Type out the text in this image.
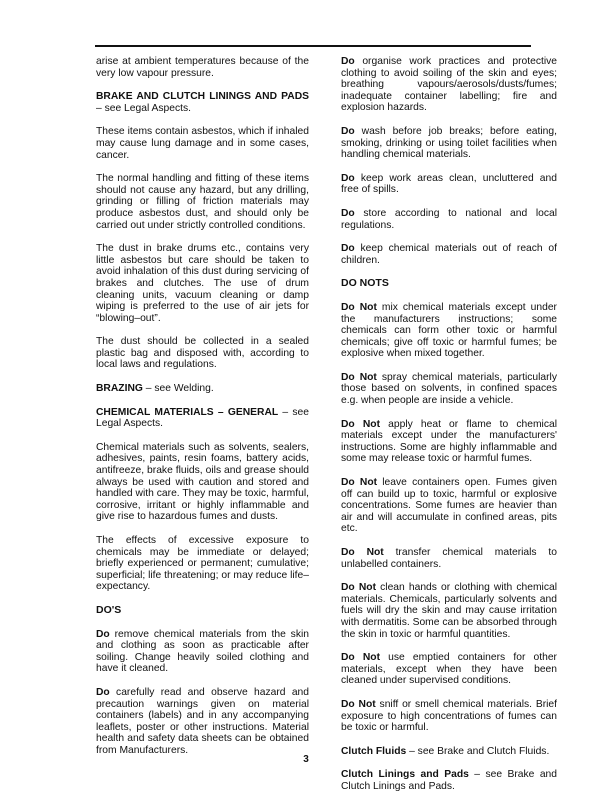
arise at ambient temperatures because of the very low vapour pressure.

BRAKE AND CLUTCH LININGS AND PADS – see Legal Aspects.

These items contain asbestos, which if inhaled may cause lung damage and in some cases, cancer.

The normal handling and fitting of these items should not cause any hazard, but any drilling, grinding or filling of friction materials may produce asbestos dust, and should only be carried out under strictly controlled conditions.

The dust in brake drums etc., contains very little asbestos but care should be taken to avoid inhalation of this dust during servicing of brakes and clutches. The use of drum cleaning units, vacuum cleaning or damp wiping is preferred to the use of air jets for “blowing–out”.

The dust should be collected in a sealed plastic bag and disposed with, according to local laws and regulations.

BRAZING – see Welding.

CHEMICAL MATERIALS – GENERAL – see Legal Aspects.

Chemical materials such as solvents, sealers, adhesives, paints, resin foams, battery acids, antifreeze, brake fluids, oils and grease should always be used with caution and stored and handled with care. They may be toxic, harmful, corrosive, irritant or highly inflammable and give rise to hazardous fumes and dusts.

The effects of excessive exposure to chemicals may be immediate or delayed; briefly experienced or permanent; cumulative; superficial; life threatening; or may reduce life–expectancy.

DO'S

Do remove chemical materials from the skin and clothing as soon as practicable after soiling. Change heavily soiled clothing and have it cleaned.

Do carefully read and observe hazard and precaution warnings given on material containers (labels) and in any accompanying leaflets, poster or other instructions. Material health and safety data sheets can be obtained from Manufacturers.

Do organise work practices and protective clothing to avoid soiling of the skin and eyes; breathing vapours/aerosols/dusts/fumes; inadequate container labelling; fire and explosion hazards.

Do wash before job breaks; before eating, smoking, drinking or using toilet facilities when handling chemical materials.

Do keep work areas clean, uncluttered and free of spills.

Do store according to national and local regulations.

Do keep chemical materials out of reach of children.

DO NOTS

Do Not mix chemical materials except under the manufacturers instructions; some chemicals can form other toxic or harmful chemicals; give off toxic or harmful fumes; be explosive when mixed together.

Do Not spray chemical materials, particularly those based on solvents, in confined spaces e.g. when people are inside a vehicle.

Do Not apply heat or flame to chemical materials except under the manufacturers' instructions. Some are highly inflammable and some may release toxic or harmful fumes.

Do Not leave containers open. Fumes given off can build up to toxic, harmful or explosive concentrations. Some fumes are heavier than air and will accumulate in confined areas, pits etc.

Do Not transfer chemical materials to unlabelled containers.

Do Not clean hands or clothing with chemical materials. Chemicals, particularly solvents and fuels will dry the skin and may cause irritation with dermatitis. Some can be absorbed through the skin in toxic or harmful quantities.

Do Not use emptied containers for other materials, except when they have been cleaned under supervised conditions.

Do Not sniff or smell chemical materials. Brief exposure to high concentrations of fumes can be toxic or harmful.

Clutch Fluids – see Brake and Clutch Fluids.

Clutch Linings and Pads – see Brake and Clutch Linings and Pads.

3
